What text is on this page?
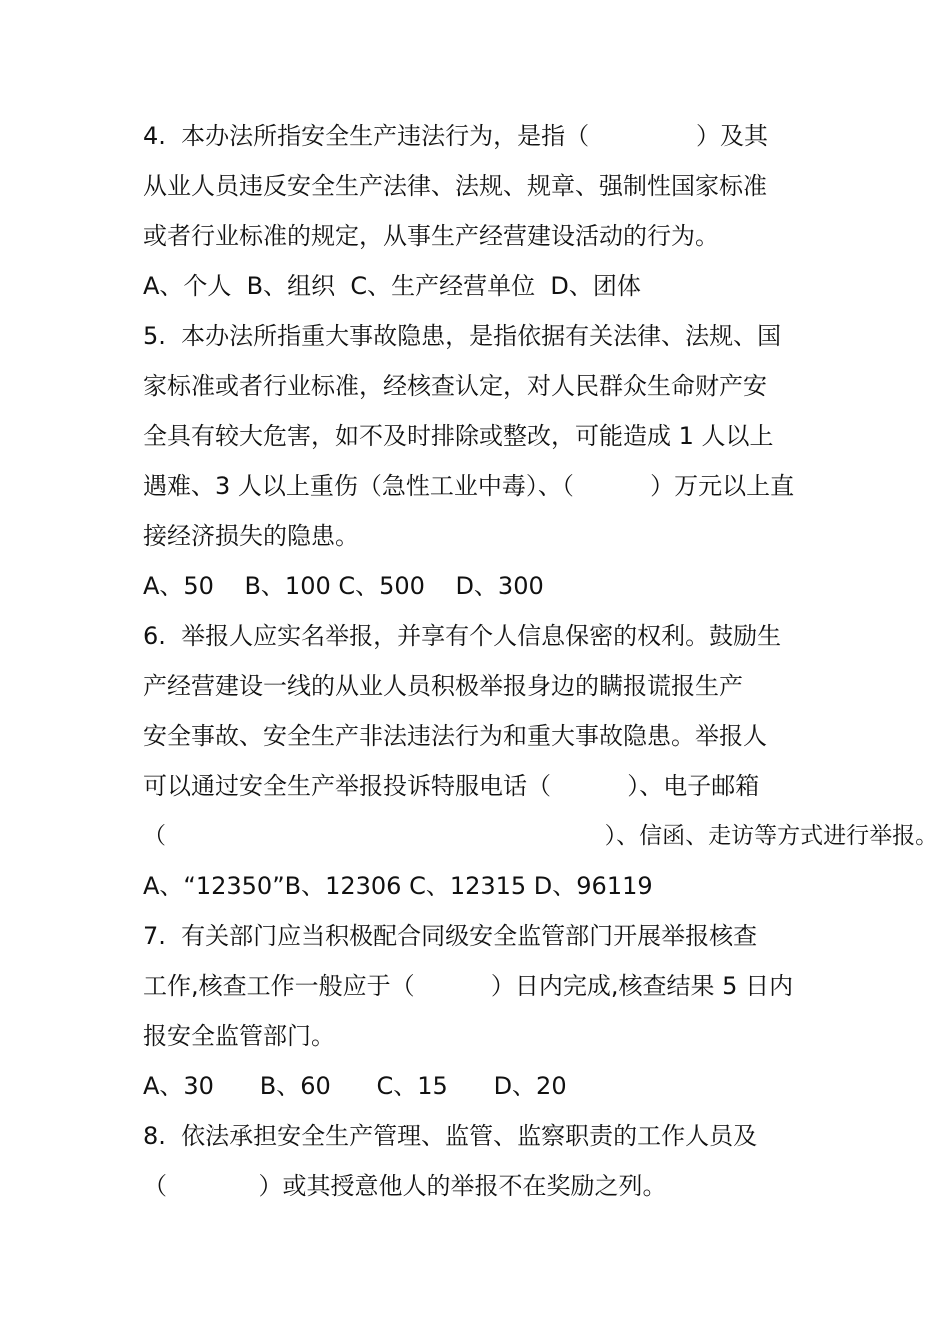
4.  本办法所指安全生产违法行为，是指（              ）及其
从业人员违反安全生产法律、法规、规章、强制性国家标准
或者行业标准的规定，从事生产经营建设活动的行为。
A、个人  B、组织  C、生产经营单位  D、团体
5.  本办法所指重大事故隐患，是指依据有关法律、法规、国
家标准或者行业标准，经核查认定，对人民群众生命财产安
全具有较大危害，如不及时排除或整改，可能造成 1 人以上
遇难、3 人以上重伤（急性工业中毒）、（          ）万元以上直
接经济损失的隐患。
A、50    B、100 C、500    D、300
6.  举报人应实名举报，并享有个人信息保密的权利。鼓励生
产经营建设一线的从业人员积极举报身边的瞒报谎报生产
安全事故、安全生产非法违法行为和重大事故隐患。举报人
可以通过安全生产举报投诉特服电话（          ）、电子邮箱
（                                                            ）、信函、走访等方式进行举报。
A、“12350”B、12306 C、12315 D、96119
7.  有关部门应当积极配合同级安全监管部门开展举报核查
工作,核查工作一般应于（          ）日内完成,核查结果 5 日内
报安全监管部门。
A、30      B、60      C、15      D、20
8.  依法承担安全生产管理、监管、监察职责的工作人员及
（            ）或其授意他人的举报不在奖励之列。
